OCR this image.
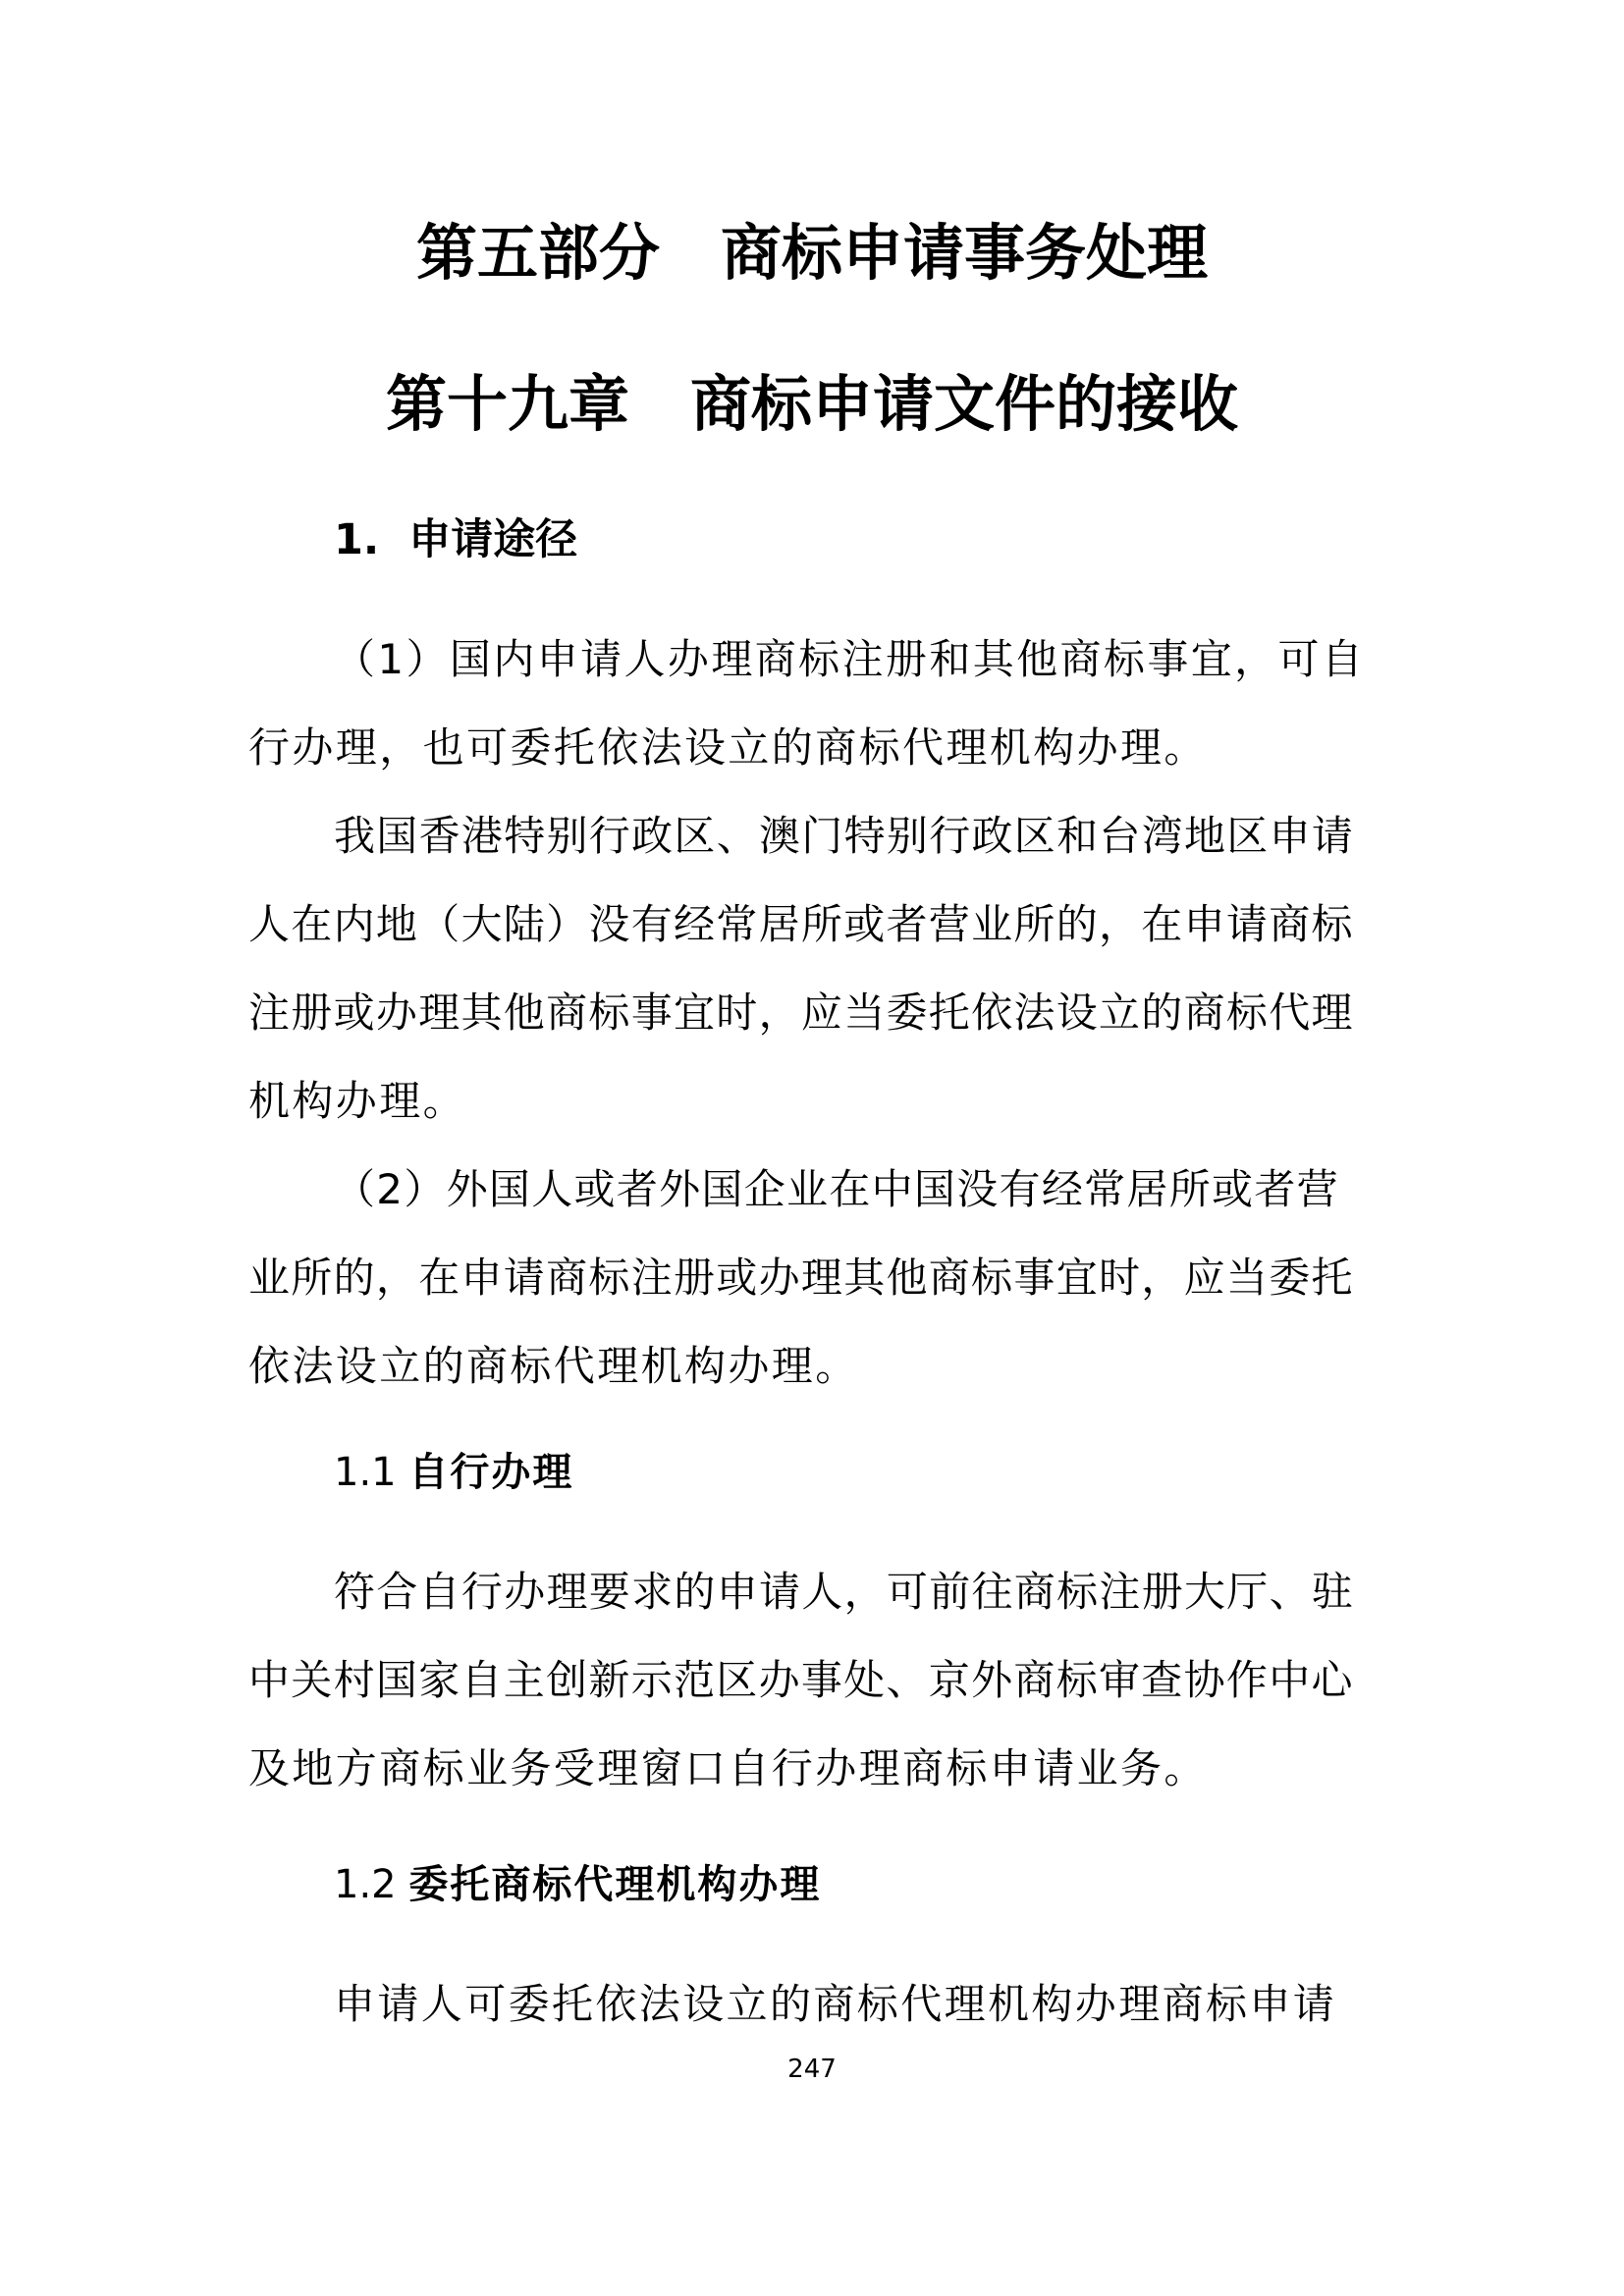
第五部分　商标申请事务处理
第十九章　商标申请文件的接收
1. 申请途径
（1）国内申请人办理商标注册和其他商标事宜，可自
行办理，也可委托依法设立的商标代理机构办理。
我国香港特别行政区、澳门特别行政区和台湾地区申请
人在内地（大陆）没有经常居所或者营业所的，在申请商标
注册或办理其他商标事宜时，应当委托依法设立的商标代理
机构办理。
（2）外国人或者外国企业在中国没有经常居所或者营
业所的，在申请商标注册或办理其他商标事宜时，应当委托
依法设立的商标代理机构办理。
1.1 自行办理
符合自行办理要求的申请人，可前往商标注册大厅、驻
中关村国家自主创新示范区办事处、京外商标审查协作中心
及地方商标业务受理窗口自行办理商标申请业务。
1.2 委托商标代理机构办理
申请人可委托依法设立的商标代理机构办理商标申请
247
